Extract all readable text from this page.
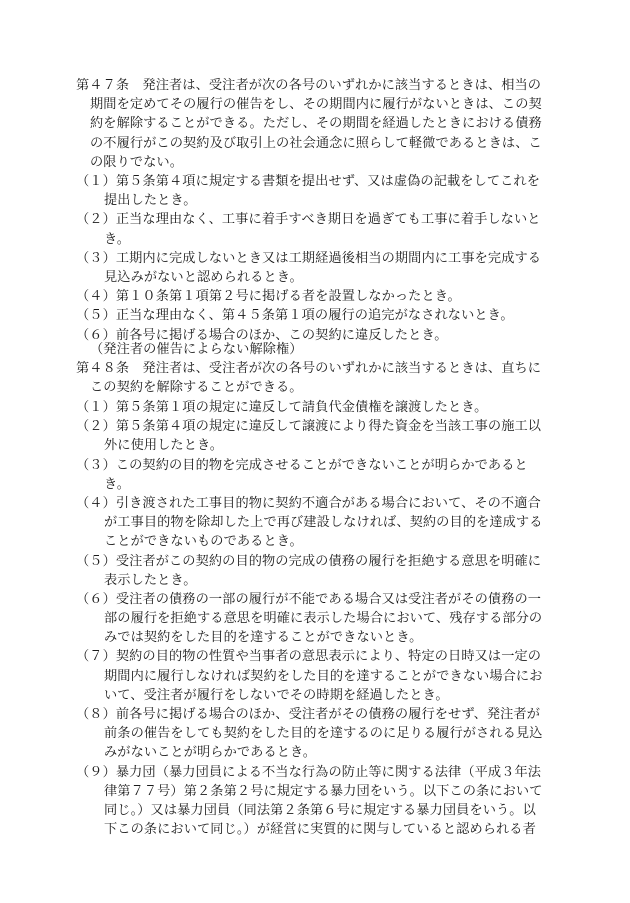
第４７条　発注者は、受注者が次の各号のいずれかに該当するときは、相当の
期間を定めてその履行の催告をし、その期間内に履行がないときは、この契
約を解除することができる。ただし、その期間を経過したときにおける債務
の不履行がこの契約及び取引上の社会通念に照らして軽微であるときは、こ
の限りでない。
（１）第５条第４項に規定する書類を提出せず、又は虚偽の記載をしてこれを
提出したとき。
（２）正当な理由なく、工事に着手すべき期日を過ぎても工事に着手しないと
き。
（３）工期内に完成しないとき又は工期経過後相当の期間内に工事を完成する
見込みがないと認められるとき。
（４）第１０条第１項第２号に掲げる者を設置しなかったとき。
（５）正当な理由なく、第４５条第１項の履行の追完がなされないとき。
（６）前各号に掲げる場合のほか、この契約に違反したとき。
（発注者の催告によらない解除権）
第４８条　発注者は、受注者が次の各号のいずれかに該当するときは、直ちに
この契約を解除することができる。
（１）第５条第１項の規定に違反して請負代金債権を譲渡したとき。
（２）第５条第４項の規定に違反して譲渡により得た資金を当該工事の施工以
外に使用したとき。
（３）この契約の目的物を完成させることができないことが明らかであると
き。
（４）引き渡された工事目的物に契約不適合がある場合において、その不適合
が工事目的物を除却した上で再び建設しなければ、契約の目的を達成する
ことができないものであるとき。
（５）受注者がこの契約の目的物の完成の債務の履行を拒絶する意思を明確に
表示したとき。
（６）受注者の債務の一部の履行が不能である場合又は受注者がその債務の一
部の履行を拒絶する意思を明確に表示した場合において、残存する部分の
みでは契約をした目的を達することができないとき。
（７）契約の目的物の性質や当事者の意思表示により、特定の日時又は一定の
期間内に履行しなければ契約をした目的を達することができない場合にお
いて、受注者が履行をしないでその時期を経過したとき。
（８）前各号に掲げる場合のほか、受注者がその債務の履行をせず、発注者が
前条の催告をしても契約をした目的を達するのに足りる履行がされる見込
みがないことが明らかであるとき。
（９）暴力団（暴力団員による不当な行為の防止等に関する法律（平成３年法
律第７７号）第２条第２号に規定する暴力団をいう。以下この条において
同じ。）又は暴力団員（同法第２条第６号に規定する暴力団員をいう。以
下この条において同じ。）が経営に実質的に関与していると認められる者
